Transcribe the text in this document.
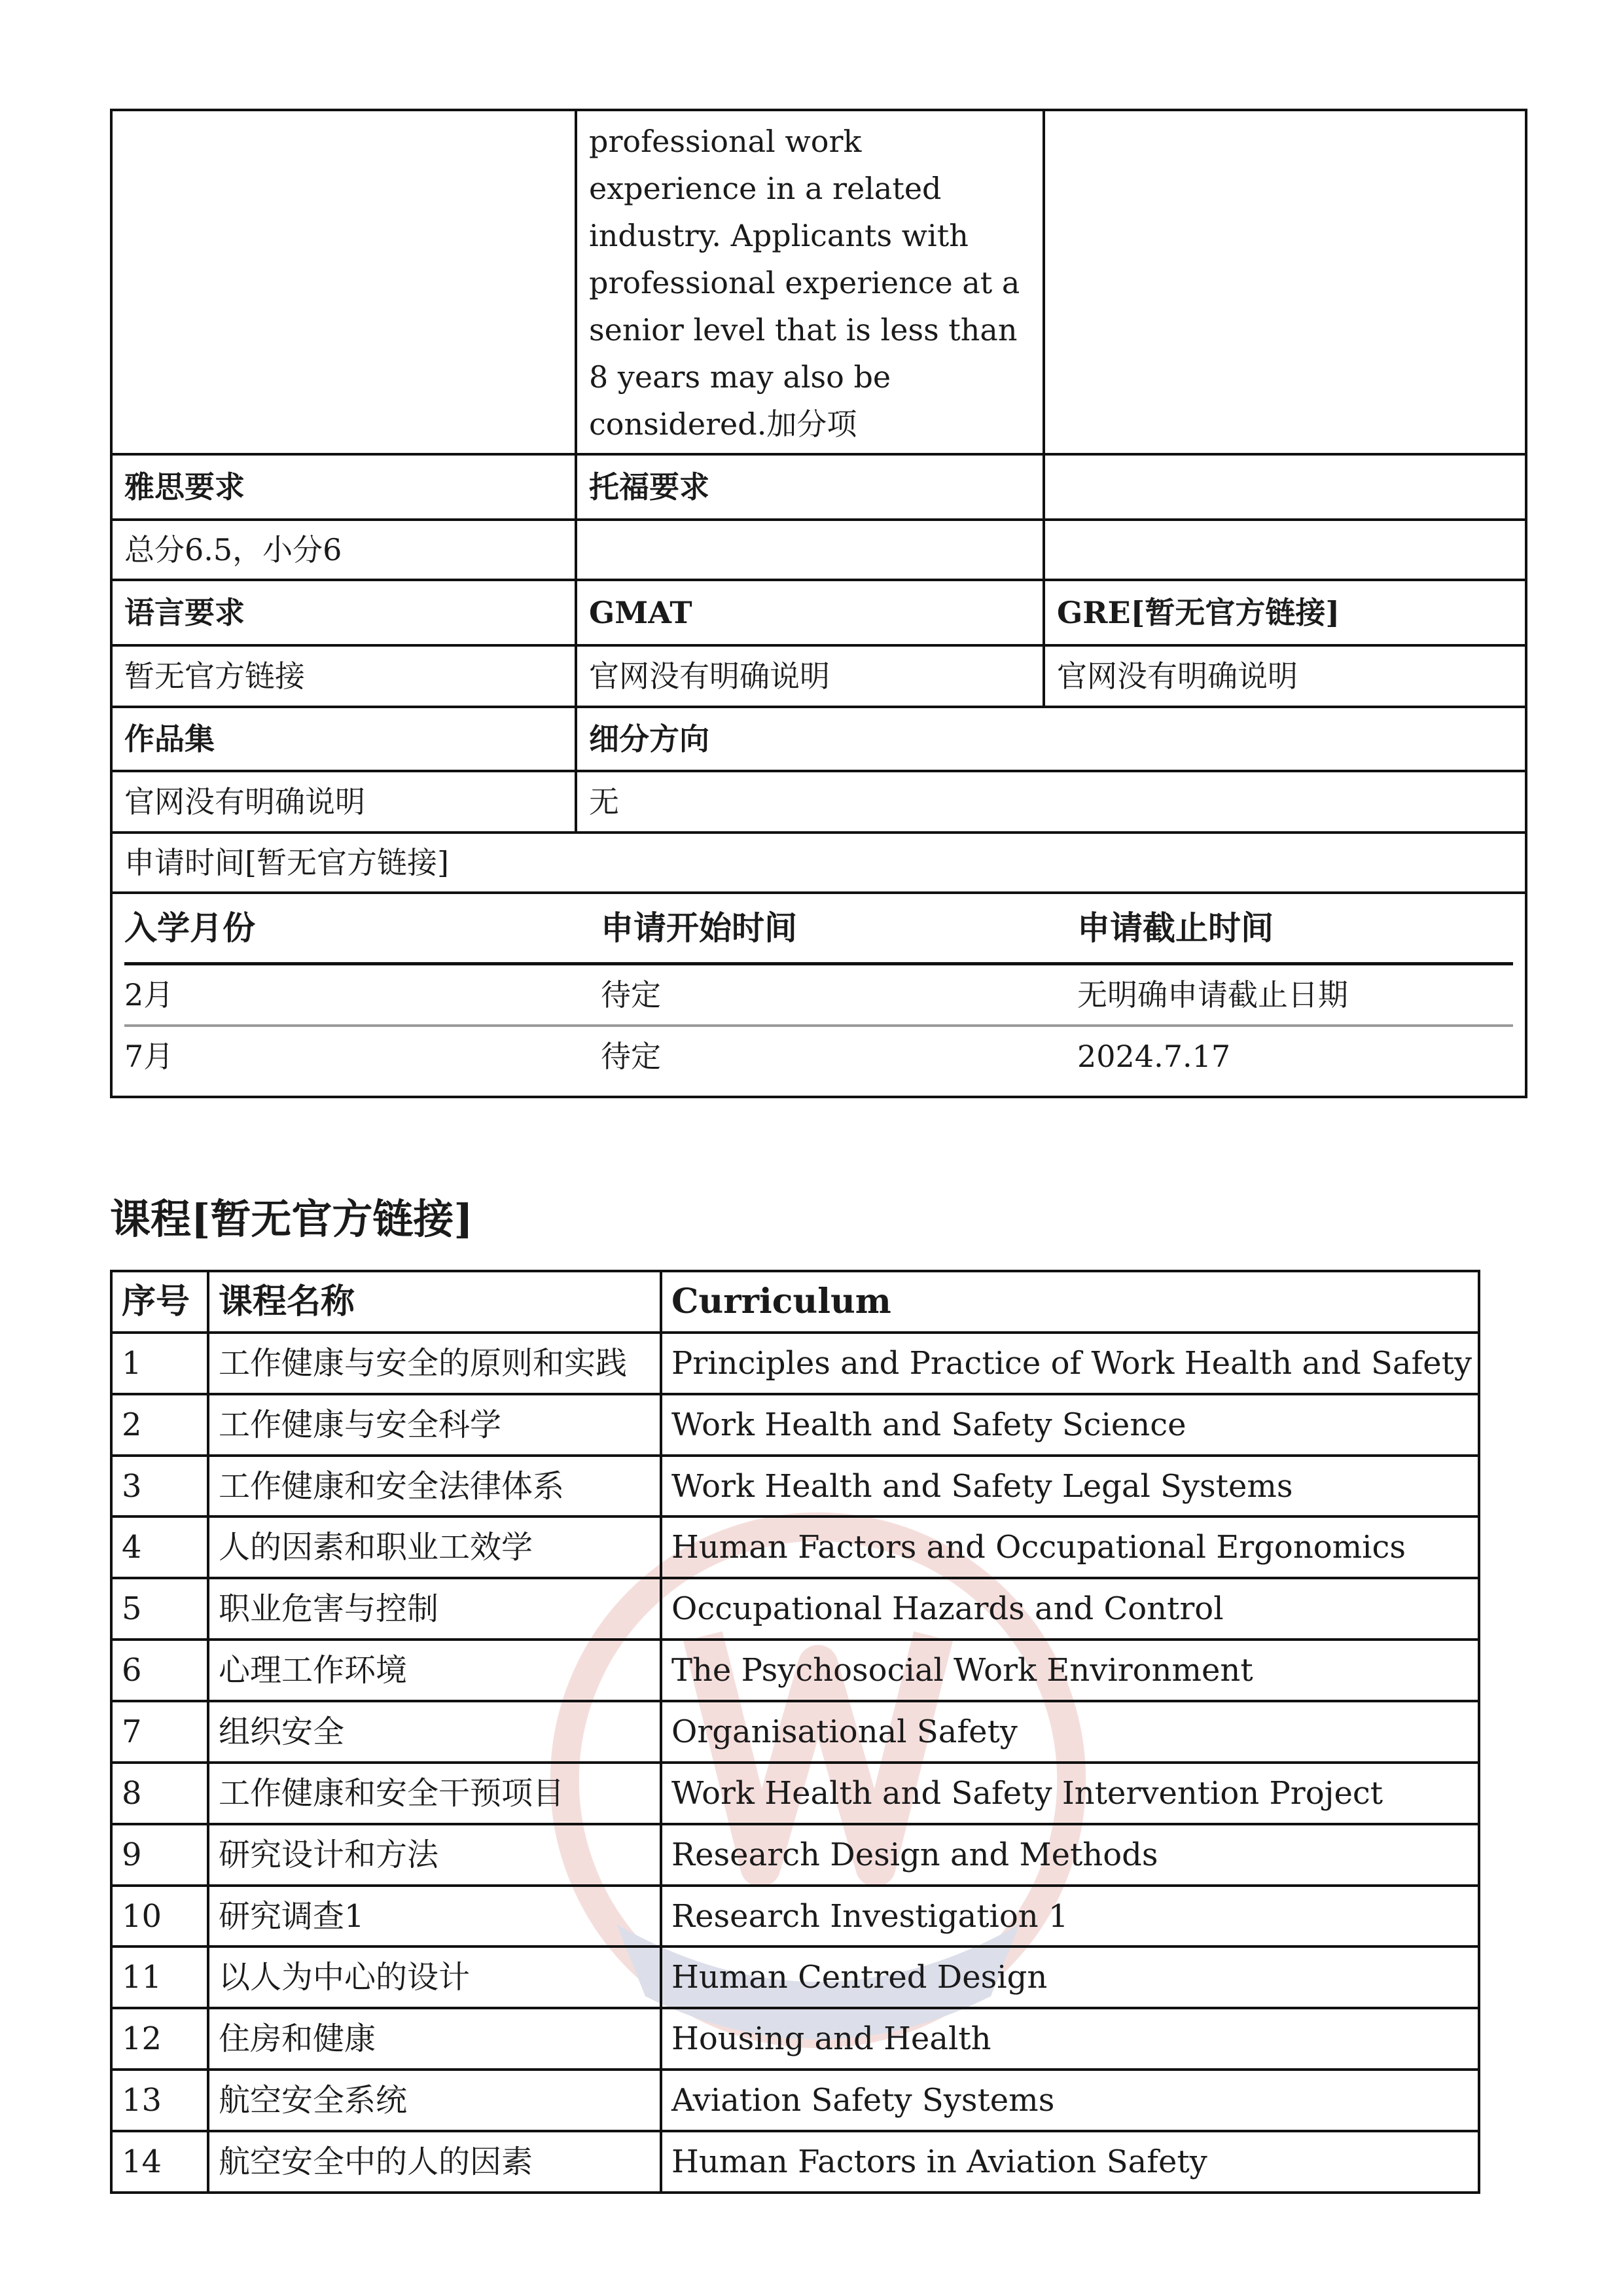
	professional work experience in a related industry. Applicants with professional experience at a senior level that is less than 8 years may also be considered.加分项	
雅思要求	托福要求	
总分6.5，小分6		
语言要求	GMAT	GRE[暂无官方链接]
暂无官方链接	官网没有明确说明	官网没有明确说明
作品集	细分方向
官网没有明确说明	无

申请时间[暂无官方链接]
入学月份	申请开始时间	申请截止时间
2月	待定	无明确申请截止日期
7月	待定	2024.7.17
课程[暂无官方链接]
序号	课程名称	Curriculum
1	工作健康与安全的原则和实践	Principles and Practice of Work Health and Safety
2	工作健康与安全科学	Work Health and Safety Science
3	工作健康和安全法律体系	Work Health and Safety Legal Systems
4	人的因素和职业工效学	Human Factors and Occupational Ergonomics
5	职业危害与控制	Occupational Hazards and Control
6	心理工作环境	The Psychosocial Work Environment
7	组织安全	Organisational Safety
8	工作健康和安全干预项目	Work Health and Safety Intervention Project
9	研究设计和方法	Research Design and Methods
10	研究调查1	Research Investigation 1
11	以人为中心的设计	Human Centred Design
12	住房和健康	Housing and Health
13	航空安全系统	Aviation Safety Systems
14	航空安全中的人的因素	Human Factors in Aviation Safety
